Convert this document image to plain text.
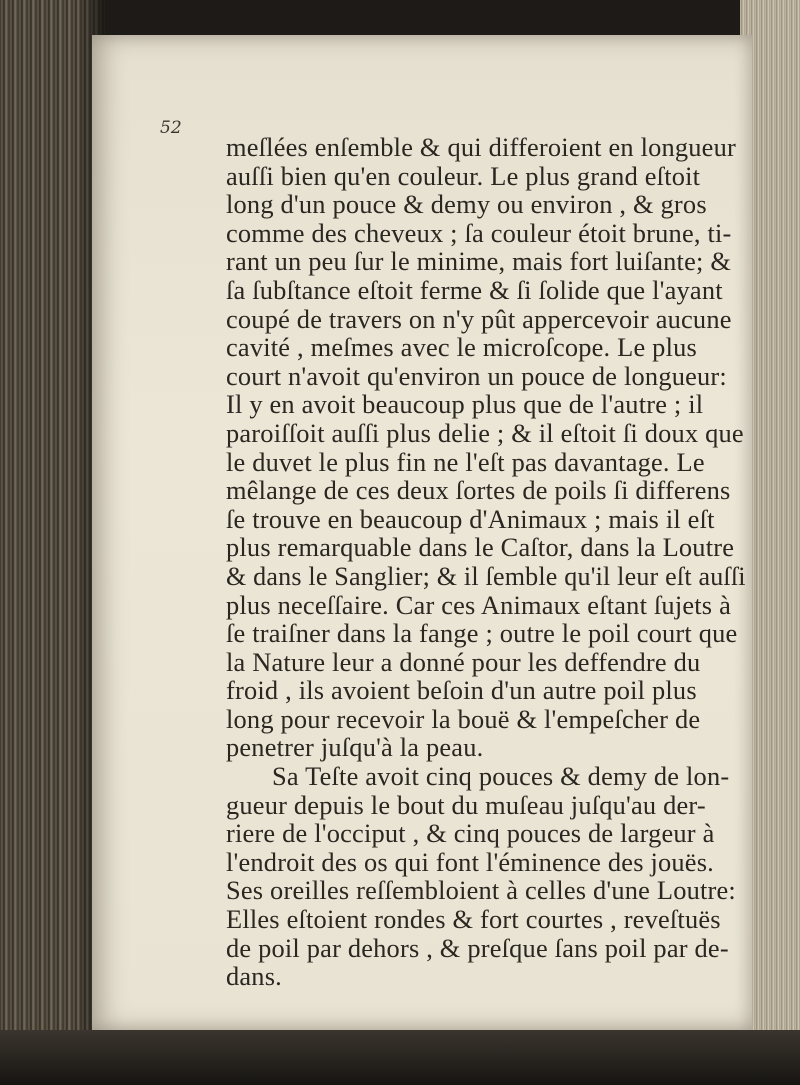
52

meſlées enſemble & qui differoient en longueur
auſſi bien qu'en couleur. Le plus grand eſtoit
long d'un pouce & demy ou environ , & gros
comme des cheveux ; ſa couleur étoit brune, ti-
rant un peu ſur le minime, mais fort luiſante; &
ſa ſubſtance eſtoit ferme & ſi ſolide que l'ayant
coupé de travers on n'y pût appercevoir aucune
cavité , meſmes avec le microſcope. Le plus
court n'avoit qu'environ un pouce de longueur:
Il y en avoit beaucoup plus que de l'autre ; il
paroiſſoit auſſi plus delie ; & il eſtoit ſi doux que
le duvet le plus fin ne l'eſt pas davantage. Le
mêlange de ces deux ſortes de poils ſi differens
ſe trouve en beaucoup d'Animaux ; mais il eſt
plus remarquable dans le Caſtor, dans la Loutre
& dans le Sanglier; & il ſemble qu'il leur eſt auſſi
plus neceſſaire. Car ces Animaux eſtant ſujets à
ſe traiſner dans la fange ; outre le poil court que
la Nature leur a donné pour les deffendre du
froid , ils avoient beſoin d'un autre poil plus
long pour recevoir la bouë & l'empeſcher de
penetrer juſqu'à la peau.
Sa Teſte avoit cinq pouces & demy de lon-
gueur depuis le bout du muſeau juſqu'au der-
riere de l'occiput , & cinq pouces de largeur à
l'endroit des os qui font l'éminence des jouës.
Ses oreilles reſſembloient à celles d'une Loutre:
Elles eſtoient rondes & fort courtes , reveſtuës
de poil par dehors , & preſque ſans poil par de-
dans.
